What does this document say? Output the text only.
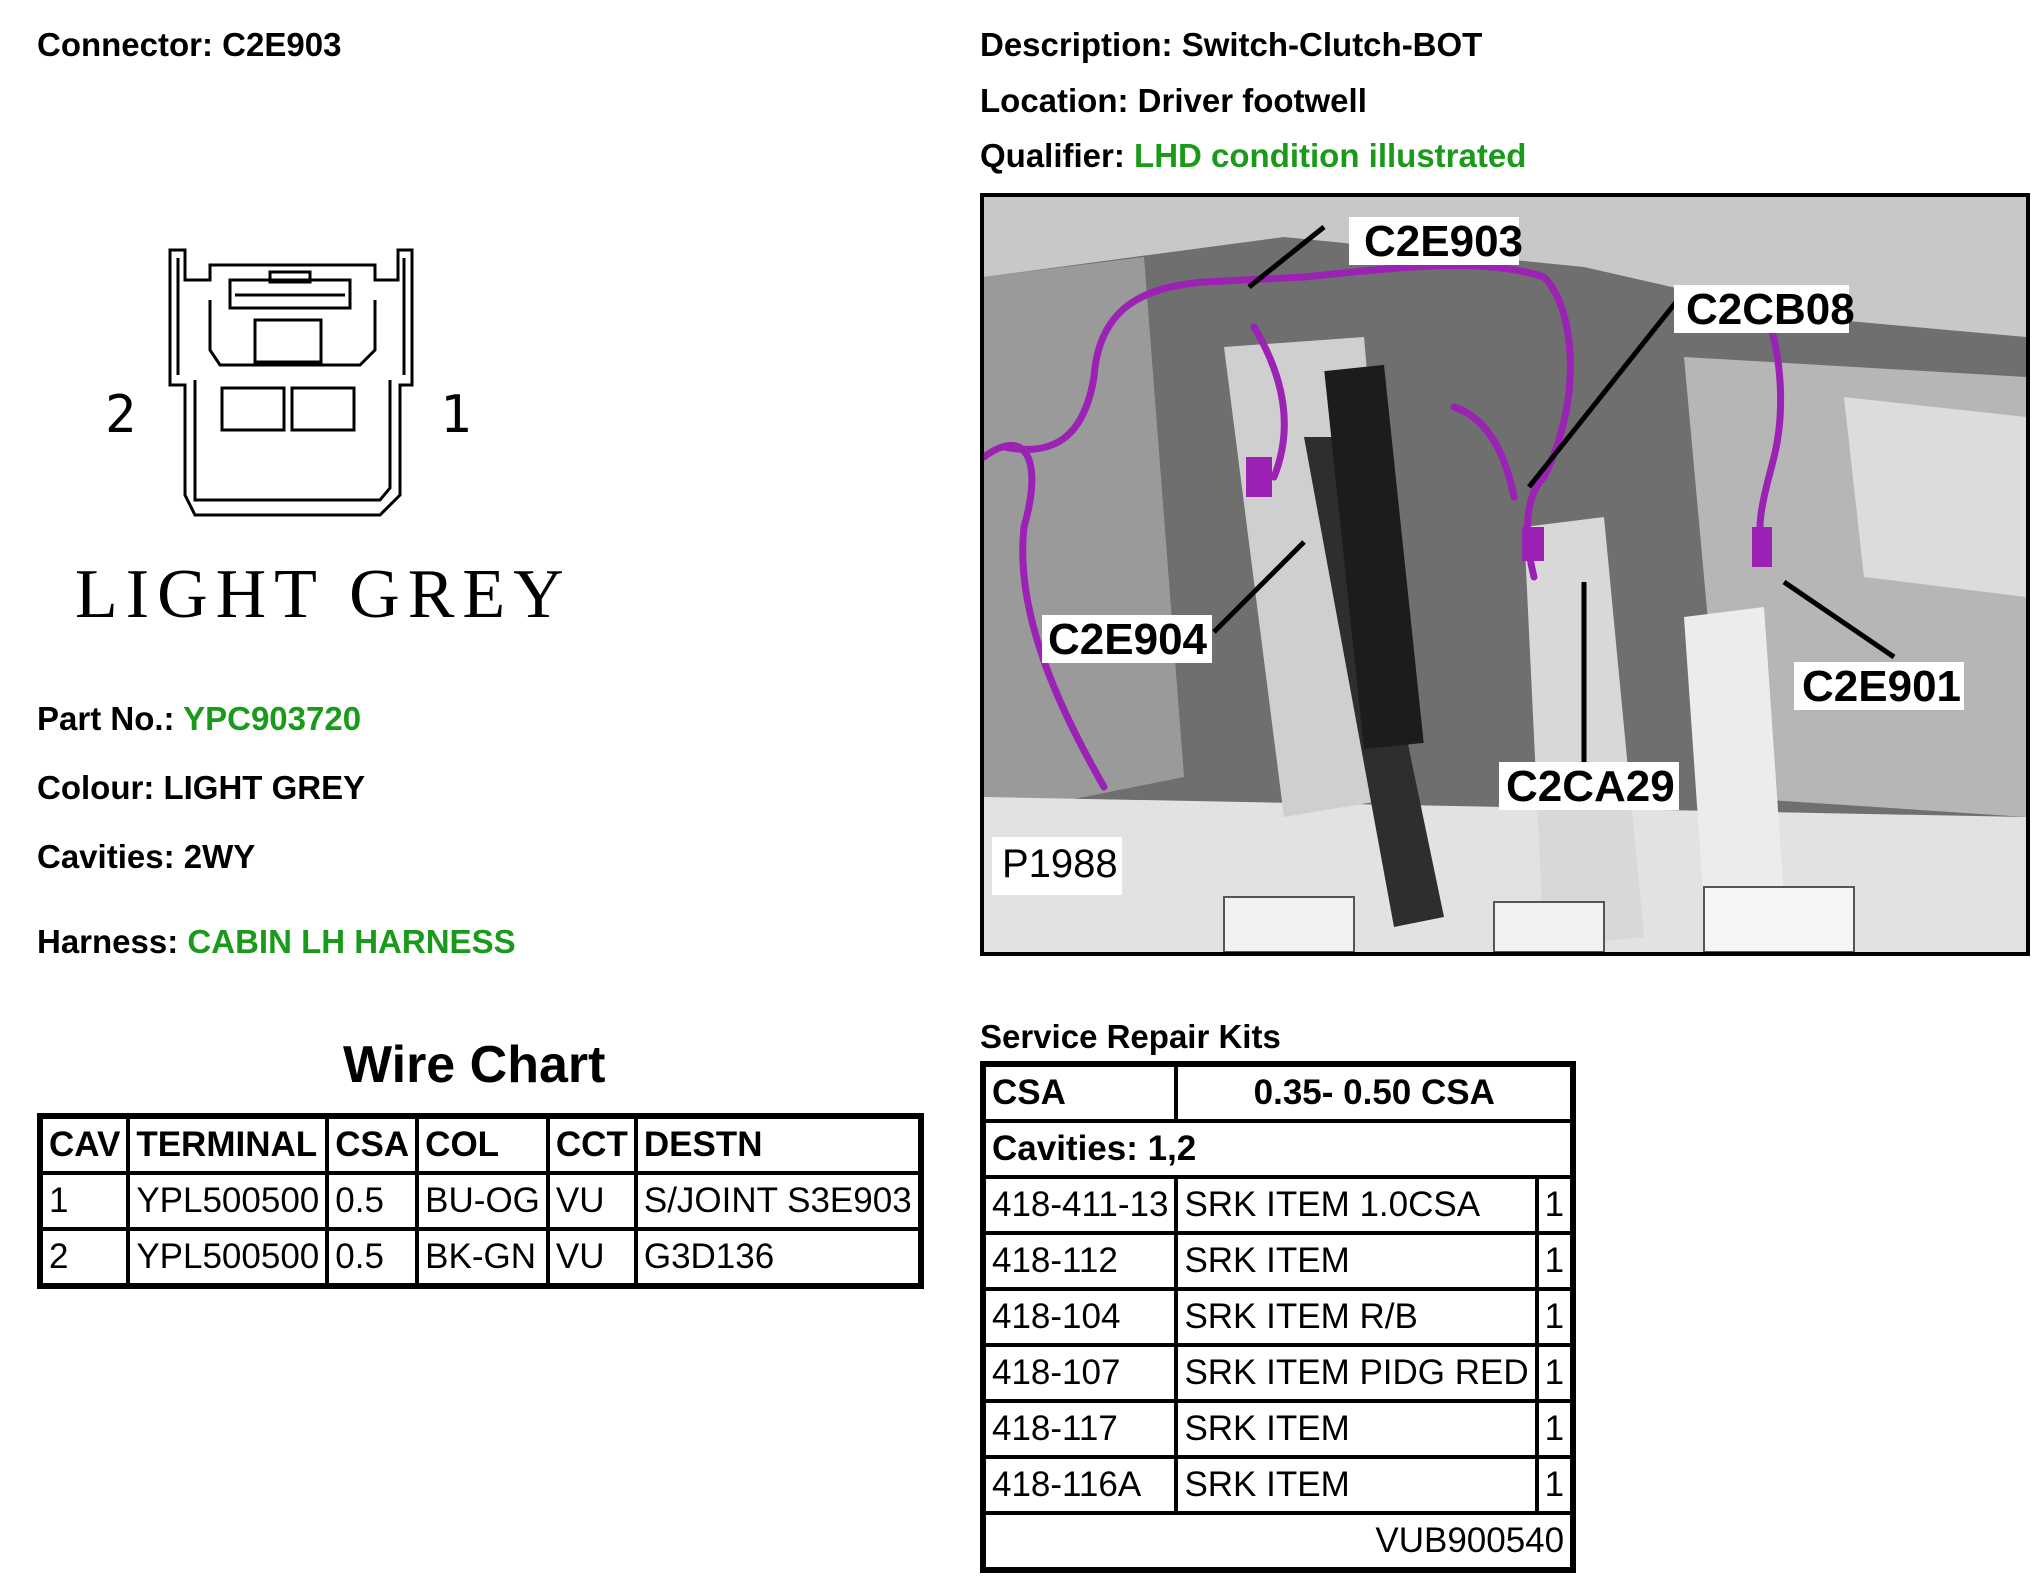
Connector: C2E903	Description: Switch-Clutch-BOT
Location: Driver footwell
Qualifier: LHD condition illustrated
2	1
LIGHT GREY
Part No.: YPC903720
Colour: LIGHT GREY
Cavities: 2WY
Harness: CABIN LH HARNESS
C2E903
C2CB08
C2E904
C2E901
C2CA29
P1988
Wire Chart
CAV	TERMINAL	CSA	COL	CCT	DESTN
1	YPL500500	0.5	BU-OG	VU	S/JOINT S3E903
2	YPL500500	0.5	BK-GN	VU	G3D136
Service Repair Kits
CSA	0.35- 0.50 CSA	
Cavities: 1,2		
418-411-13	SRK ITEM 1.0CSA	1
418-112	SRK ITEM	1
418-104	SRK ITEM R/B	1
418-107	SRK ITEM PIDG RED	1
418-117	SRK ITEM	1
418-116A	SRK ITEM	1
VUB900540		
